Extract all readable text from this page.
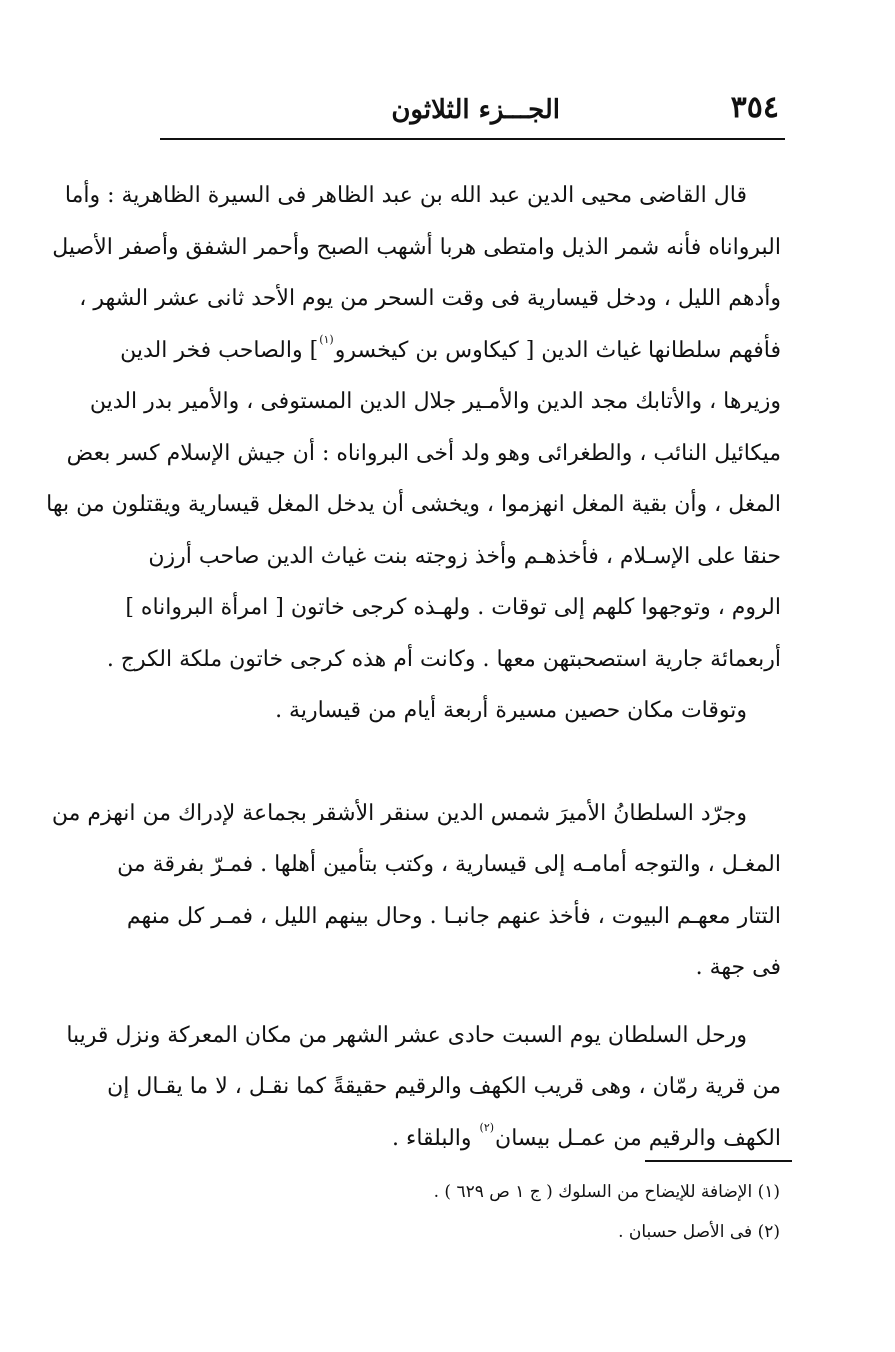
٣٥٤
الجـــزء الثلاثون
قال القاضى محيى الدين عبد الله بن عبد الظاهر فى السيرة الظاهرية : وأما
البرواناه فأنه شمر الذيل وامتطى هربا أشهب الصبح وأحمر الشفق وأصفر الأصيل
وأدهم الليل ، ودخل قيسارية فى وقت السحر من يوم الأحد ثانى عشر الشهر ،
فأفهم سلطانها غياث الدين [ كيكاوس بن كيخسرو$^{(١)}$] والصاحب فخر الدين
وزيرها ، والأتابك مجد الدين والأمـير جلال الدين المستوفى ، والأمير بدر الدين
ميكائيل النائب ، والطغرائى وهو ولد أخى البرواناه : أن جيش الإسلام كسر بعض
المغل ، وأن بقية المغل انهزموا ، ويخشى أن يدخل المغل قيسارية ويقتلون من بها
حنقا على الإسـلام ، فأخذهـم وأخذ زوجته بنت غياث الدين صاحب أرزن
الروم ، وتوجهوا كلهم إلى توقات . ولهـذه كرجى خاتون [ امرأة البرواناه ]
أربعمائة جارية استصحبتهن معها . وكانت أم هذه كرجى خاتون ملكة الكرج .
وتوقات مكان حصين مسيرة أربعة أيام من قيسارية .
وجرّد السلطانُ الأميرَ شمس الدين سنقر الأشقر بجماعة لإدراك من انهزم من
المغـل ، والتوجه أمامـه إلى قيسارية ، وكتب بتأمين أهلها . فمـرّ بفرقة من
التتار معهـم البيوت ، فأخذ عنهم جانبـا . وحال بينهم الليل ، فمـر كل منهم
فى جهة .
ورحل السلطان يوم السبت حادى عشر الشهر من مكان المعركة ونزل قريبا
من قرية رمّان ، وهى قريب الكهف والرقيم حقيقةً كما نقـل ، لا ما يقـال إن
الكهف والرقيم من عمـل بيسان$^{(٢)}$ والبلقاء .
(١) الإضافة للإيضاح من السلوك ( ج ١ ص ٦٢٩ ) .
(٢) فى الأصل حسبان .
